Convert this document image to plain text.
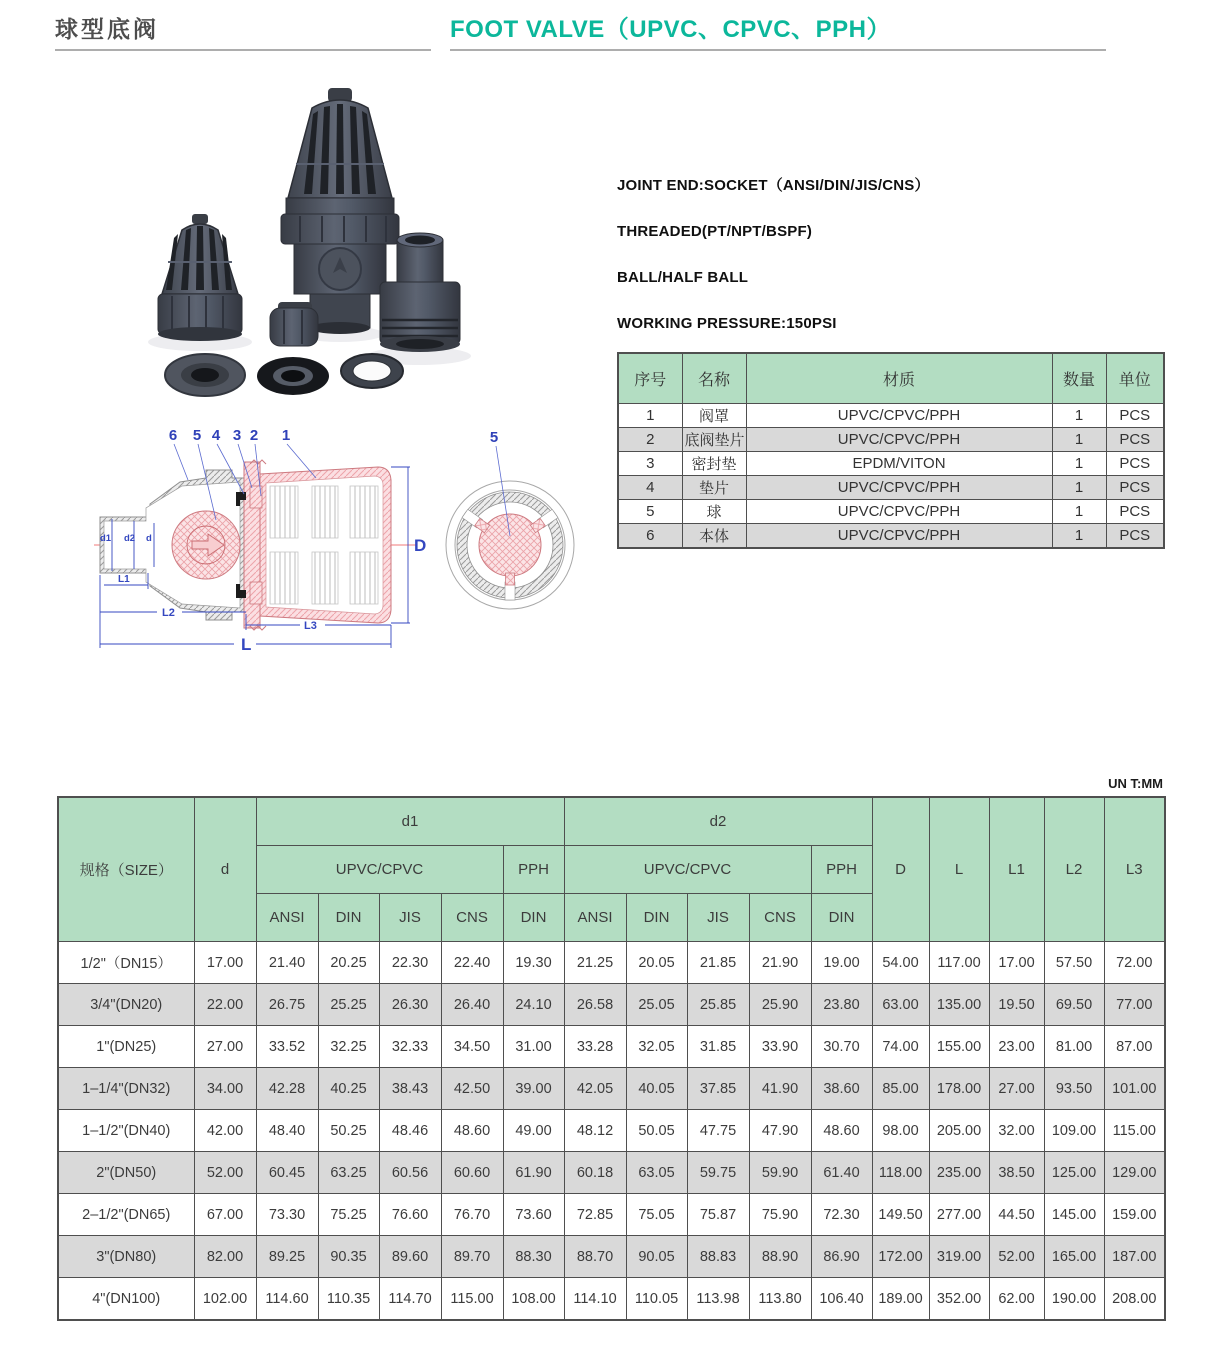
球型底阀	FOOT VALVE（UPVC、CPVC、PPH）
6 5 4 3 2 1
D
L
L2
L3
L1
d1 d2 d
5
JOINT END:SOCKET（ANSI/DIN/JIS/CNS）
THREADED(PT/NPT/BSPF)
BALL/HALF BALL
WORKING PRESSURE:150PSI
序号	名称	材质	数量	单位
1	阀罩	UPVC/CPVC/PPH	1	PCS
2	底阀垫片	UPVC/CPVC/PPH	1	PCS
3	密封垫	EPDM/VITON	1	PCS
4	垫片	UPVC/CPVC/PPH	1	PCS
5	球	UPVC/CPVC/PPH	1	PCS
6	本体	UPVC/CPVC/PPH	1	PCS
UN T:MM
规格（SIZE）	d	d1					d2					D	L	L1	L2	L3
		UPVC/CPVC				PPH	UPVC/CPVC				PPH					
		ANSI	DIN	JIS	CNS	DIN	ANSI	DIN	JIS	CNS	DIN					
1/2"（DN15）	17.00	21.40	20.25	22.30	22.40	19.30	21.25	20.05	21.85	21.90	19.00	54.00	117.00	17.00	57.50	72.00
3/4"(DN20)	22.00	26.75	25.25	26.30	26.40	24.10	26.58	25.05	25.85	25.90	23.80	63.00	135.00	19.50	69.50	77.00
1"(DN25)	27.00	33.52	32.25	32.33	34.50	31.00	33.28	32.05	31.85	33.90	30.70	74.00	155.00	23.00	81.00	87.00
1–1/4"(DN32)	34.00	42.28	40.25	38.43	42.50	39.00	42.05	40.05	37.85	41.90	38.60	85.00	178.00	27.00	93.50	101.00
1–1/2"(DN40)	42.00	48.40	50.25	48.46	48.60	49.00	48.12	50.05	47.75	47.90	48.60	98.00	205.00	32.00	109.00	115.00
2"(DN50)	52.00	60.45	63.25	60.56	60.60	61.90	60.18	63.05	59.75	59.90	61.40	118.00	235.00	38.50	125.00	129.00
2–1/2"(DN65)	67.00	73.30	75.25	76.60	76.70	73.60	72.85	75.05	75.87	75.90	72.30	149.50	277.00	44.50	145.00	159.00
3"(DN80)	82.00	89.25	90.35	89.60	89.70	88.30	88.70	90.05	88.83	88.90	86.90	172.00	319.00	52.00	165.00	187.00
4"(DN100)	102.00	114.60	110.35	114.70	115.00	108.00	114.10	110.05	113.98	113.80	106.40	189.00	352.00	62.00	190.00	208.00
